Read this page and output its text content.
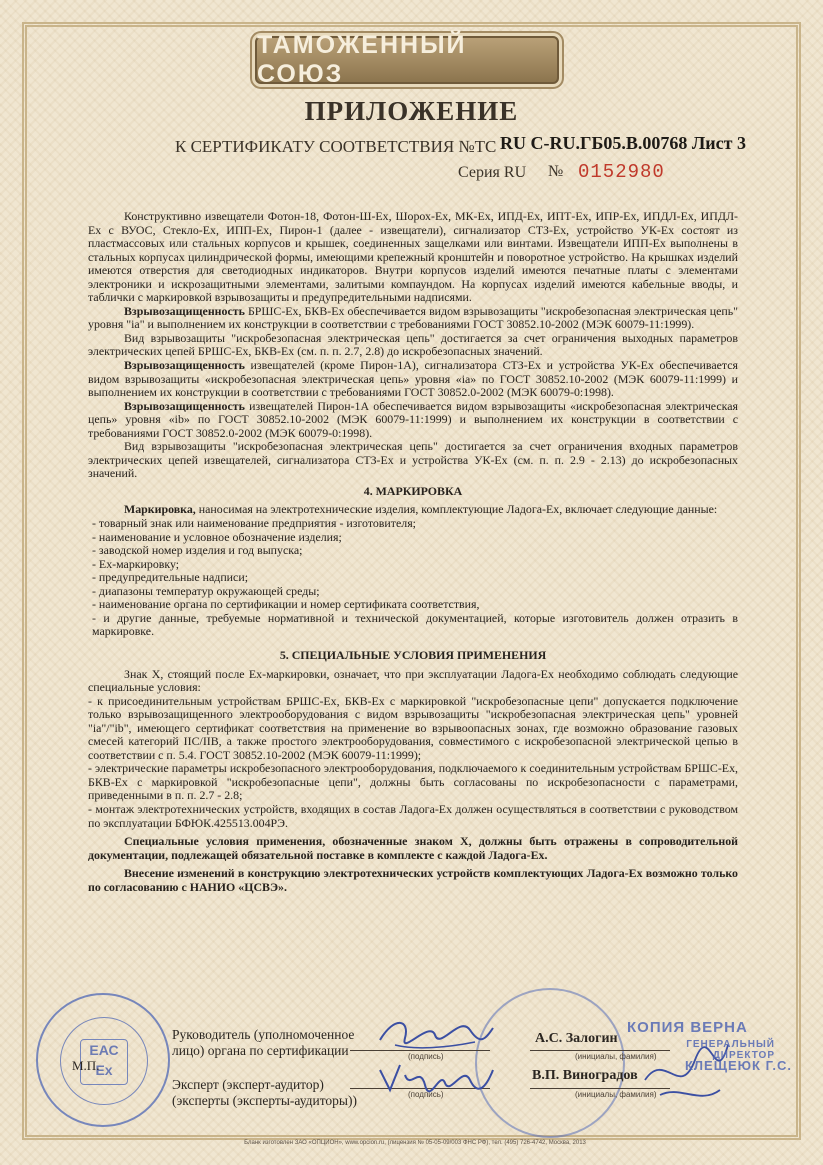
ТАМОЖЕННЫЙ СОЮЗ
ПРИЛОЖЕНИЕ
К СЕРТИФИКАТУ СООТВЕТСТВИЯ №ТС RU C-RU.ГБ05.В.00768 Лист 3
Серия RU № 0152980

Конструктивно извещатели Фотон-18, Фотон-Ш-Ех, Шорох-Ех, МК-Ех, ИПД-Ех, ИПТ-Ех, ИПР-Ех, ИПДЛ-Ех, ИПДЛ-Ех с ВУОС, Стекло-Ех, ИПП-Ех, Пирон-1 (далее - извещатели), сигнализатор СТЗ-Ех, устройство УК-Ех состоят из пластмассовых или стальных корпусов и крышек, соединенных защелками или винтами. Извещатели ИПП-Ех выполнены в стальных корпусах цилиндрической формы, имеющими крепежный кронштейн и поворотное устройство. На крышках изделий имеются отверстия для светодиодных индикаторов. Внутри корпусов изделий имеются печатные платы с элементами электроники и искрозащитными элементами, залитыми компаундом. На корпусах изделий имеются кабельные вводы, и таблички с маркировкой взрывозащиты и предупредительными надписями.

Взрывозащищенность БРШС-Ех, БКВ-Ех обеспечивается видом взрывозащиты "искробезопасная электрическая цепь" уровня "ia" и выполнением их конструкции в соответствии с требованиями ГОСТ 30852.10-2002 (МЭК 60079-11:1999).

Вид взрывозащиты "искробезопасная электрическая цепь" достигается за счет ограничения выходных параметров электрических цепей БРШС-Ех, БКВ-Ех (см. п. п. 2.7, 2.8) до искробезопасных значений.

Взрывозащищенность извещателей (кроме Пирон-1А), сигнализатора СТЗ-Ех и устройства УК-Ех обеспечивается видом взрывозащиты «искробезопасная электрическая цепь» уровня «ia» по ГОСТ 30852.10-2002 (МЭК 60079-11:1999) и выполнением их конструкции в соответствии с требованиями ГОСТ 30852.0-2002 (МЭК 60079-0:1998).

Взрывозащищенность извещателей Пирон-1А обеспечивается видом взрывозащиты «искробезопасная электрическая цепь» уровня «ib» по ГОСТ 30852.10-2002 (МЭК 60079-11:1999) и выполнением их конструкции в соответствии с требованиями ГОСТ 30852.0-2002 (МЭК 60079-0:1998).

Вид взрывозащиты "искробезопасная электрическая цепь" достигается за счет ограничения входных параметров электрических цепей извещателей, сигнализатора СТЗ-Ех и устройства УК-Ех (см. п. п. 2.9 - 2.13) до искробезопасных значений.

4. МАРКИРОВКА

Маркировка, наносимая на электротехнические изделия, комплектующие Ладога-Ех, включает следующие данные:

- товарный знак или наименование предприятия - изготовителя;

- наименование и условное обозначение изделия;

- заводской номер изделия и год выпуска;

- Ех-маркировку;

- предупредительные надписи;

- диапазоны температур окружающей среды;

- наименование органа по сертификации и номер сертификата соответствия,

- и другие данные, требуемые нормативной и технической документацией, которые изготовитель должен отразить в маркировке.

5. СПЕЦИАЛЬНЫЕ УСЛОВИЯ ПРИМЕНЕНИЯ

Знак X, стоящий после Ех-маркировки, означает, что при эксплуатации Ладога-Ех необходимо соблюдать следующие специальные условия:

- к присоединительным устройствам БРШС-Ех, БКВ-Ех с маркировкой "искробезопасные цепи" допускается подключение только взрывозащищенного электрооборудования с видом взрывозащиты "искробезопасная электрическая цепь" уровней "ia"/"ib", имеющего сертификат соответствия на применение во взрывоопасных зонах, где возможно образование газовых смесей категорий IIС/IIВ, а также простого электрооборудования, совместимого с искробезопасной электрической цепью в соответствии с п. 5.4. ГОСТ 30852.10-2002 (МЭК 60079-11:1999);

- электрические параметры искробезопасного электрооборудования, подключаемого к соединительным устройствам БРШС-Ех, БКВ-Ех с маркировкой "искробезопасные цепи", должны быть согласованы по искробезопасности с параметрами, приведенными в п. п. 2.7 - 2.8;

- монтаж электротехнических устройств, входящих в состав Ладога-Ех должен осуществляться в соответствии с руководством по эксплуатации БФЮК.425513.004РЭ.

Специальные условия применения, обозначенные знаком X, должны быть отражены в сопроводительной документации, подлежащей обязательной поставке в комплекте с каждой Ладога-Ех.

Внесение изменений в конструкцию электротехнических устройств комплектующих Ладога-Ех возможно только по согласованию с НАНИО «ЦСВЭ».

ЕАС Ex
М.П.
Руководитель (уполномоченное
лицо) органа по сертификации	(подпись)
А.С. Залогин
(инициалы, фамилия)
Эксперт (эксперт-аудитор)
(эксперты (эксперты-аудиторы))	(подпись)
В.П. Виноградов
(инициалы, фамилия)
КОПИЯ ВЕРНА
ГЕНЕРАЛЬНЫЙ ДИРЕКТОР
КЛЕЩЕЮК Г.С.
Бланк изготовлен ЗАО «ОПЦИОН», www.opcion.ru, (лицензия № 05-05-09/003 ФНС РФ), тел. (495) 726-4742, Москва, 2013
